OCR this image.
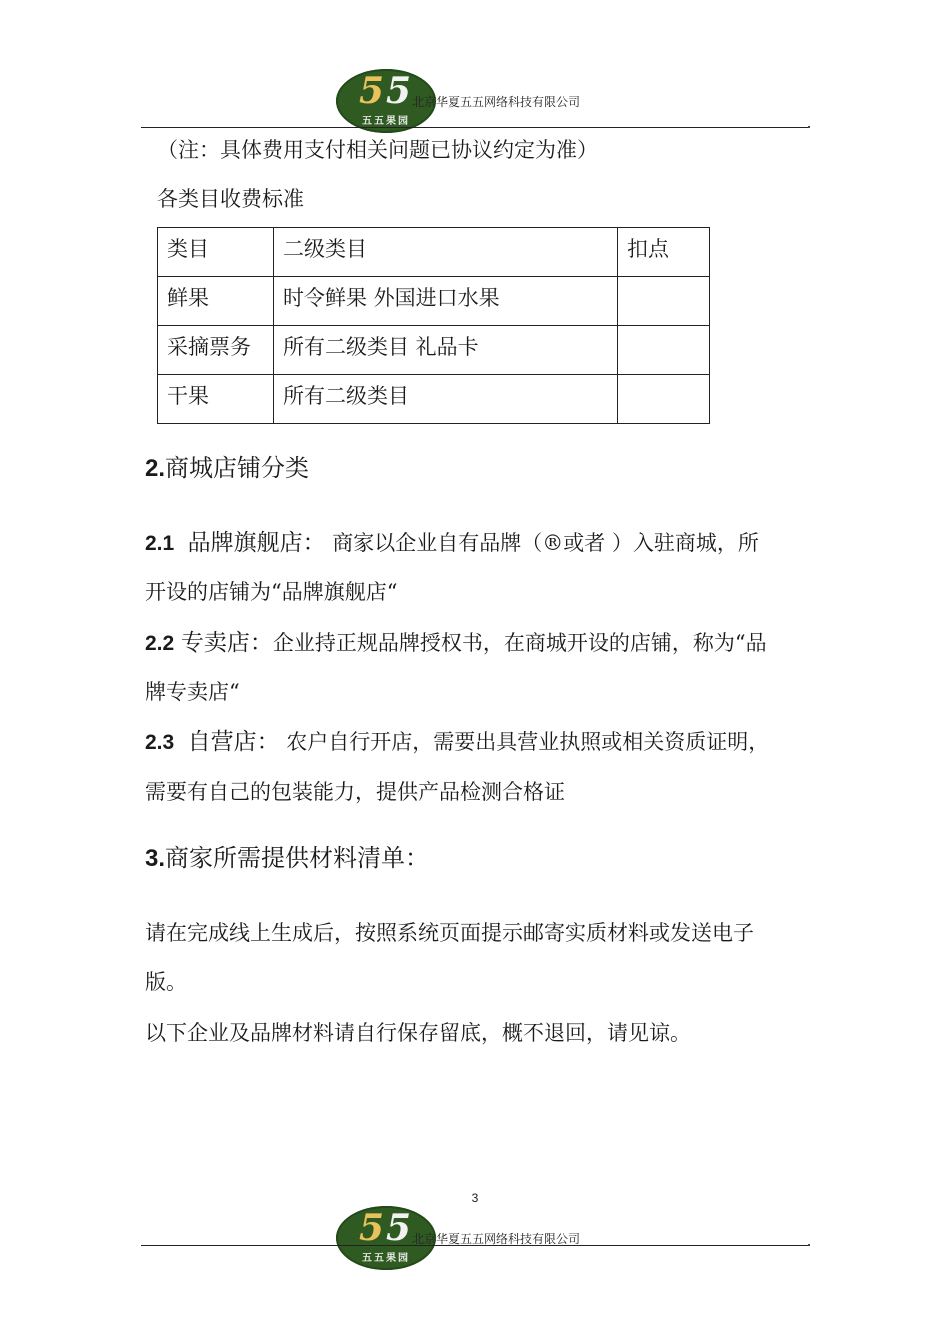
55
五五果园
北京华夏五五网络科技有限公司
（注：具体费用支付相关问题已协议约定为准）
各类目收费标准
类目	二级类目	扣点
鲜果	时令鲜果 外国进口水果	
采摘票务	所有二级类目 礼品卡	
干果	所有二级类目	
2.商城店铺分类
2.1 品牌旗舰店： 商家以企业自有品牌（®或者 ）入驻商城，所
开设的店铺为“品牌旗舰店“
2.2 专卖店：企业持正规品牌授权书，在商城开设的店铺，称为“品
牌专卖店“
2.3 自营店： 农户自行开店，需要出具营业执照或相关资质证明，
需要有自己的包装能力，提供产品检测合格证
3.商家所需提供材料清单：
请在完成线上生成后，按照系统页面提示邮寄实质材料或发送电子
版。
以下企业及品牌材料请自行保存留底，概不退回，请见谅。
3
55
五五果园
北京华夏五五网络科技有限公司
